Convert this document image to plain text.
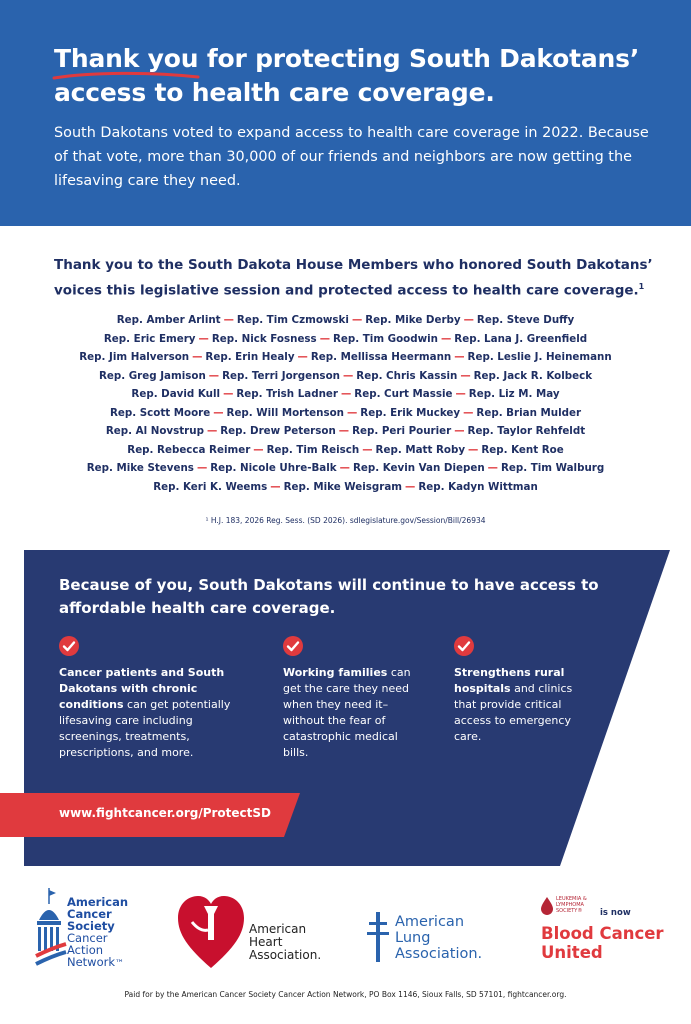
Thank you for protecting South Dakotans’
access to health care coverage.

South Dakotans voted to expand access to health care coverage in 2022. Because of that vote, more than 30,000 of our friends and neighbors are now getting the lifesaving care they need.

Thank you to the South Dakota House Members who honored South Dakotans’ voices this legislative session and protected access to health care coverage.$^1$

Rep. Amber Arlint — Rep. Tim Czmowski — Rep. Mike Derby — Rep. Steve Duffy
Rep. Eric Emery — Rep. Nick Fosness — Rep. Tim Goodwin — Rep. Lana J. Greenfield
Rep. Jim Halverson — Rep. Erin Healy — Rep. Mellissa Heermann — Rep. Leslie J. Heinemann
Rep. Greg Jamison — Rep. Terri Jorgenson — Rep. Chris Kassin — Rep. Jack R. Kolbeck
Rep. David Kull — Rep. Trish Ladner — Rep. Curt Massie — Rep. Liz M. May
Rep. Scott Moore — Rep. Will Mortenson — Rep. Erik Muckey — Rep. Brian Mulder
Rep. Al Novstrup — Rep. Drew Peterson — Rep. Peri Pourier — Rep. Taylor Rehfeldt
Rep. Rebecca Reimer — Rep. Tim Reisch — Rep. Matt Roby — Rep. Kent Roe
Rep. Mike Stevens — Rep. Nicole Uhre-Balk — Rep. Kevin Van Diepen — Rep. Tim Walburg
Rep. Keri K. Weems — Rep. Mike Weisgram — Rep. Kadyn Wittman
¹ H.J. 183, 2026 Reg. Sess. (SD 2026). sdlegislature.gov/Session/Bill/26934

Because of you, South Dakotans will continue to have access to affordable health care coverage.

Cancer patients and South Dakotans with chronic conditions can get potentially lifesaving care including screenings, treatments, prescriptions, and more.
Working families can get the care they need when they need it–without the fear of catastrophic medical bills.
Strengthens rural hospitals and clinics that provide critical access to emergency care.
www.fightcancer.org/ProtectSD
American
Cancer
Society
Cancer
Action
Network™
American
Heart
Association.
American
Lung
Association.
LEUKEMIA &
LYMPHOMA
SOCIETY®	is now
Blood Cancer
United
Paid for by the American Cancer Society Cancer Action Network, PO Box 1146, Sioux Falls, SD 57101, fightcancer.org.
